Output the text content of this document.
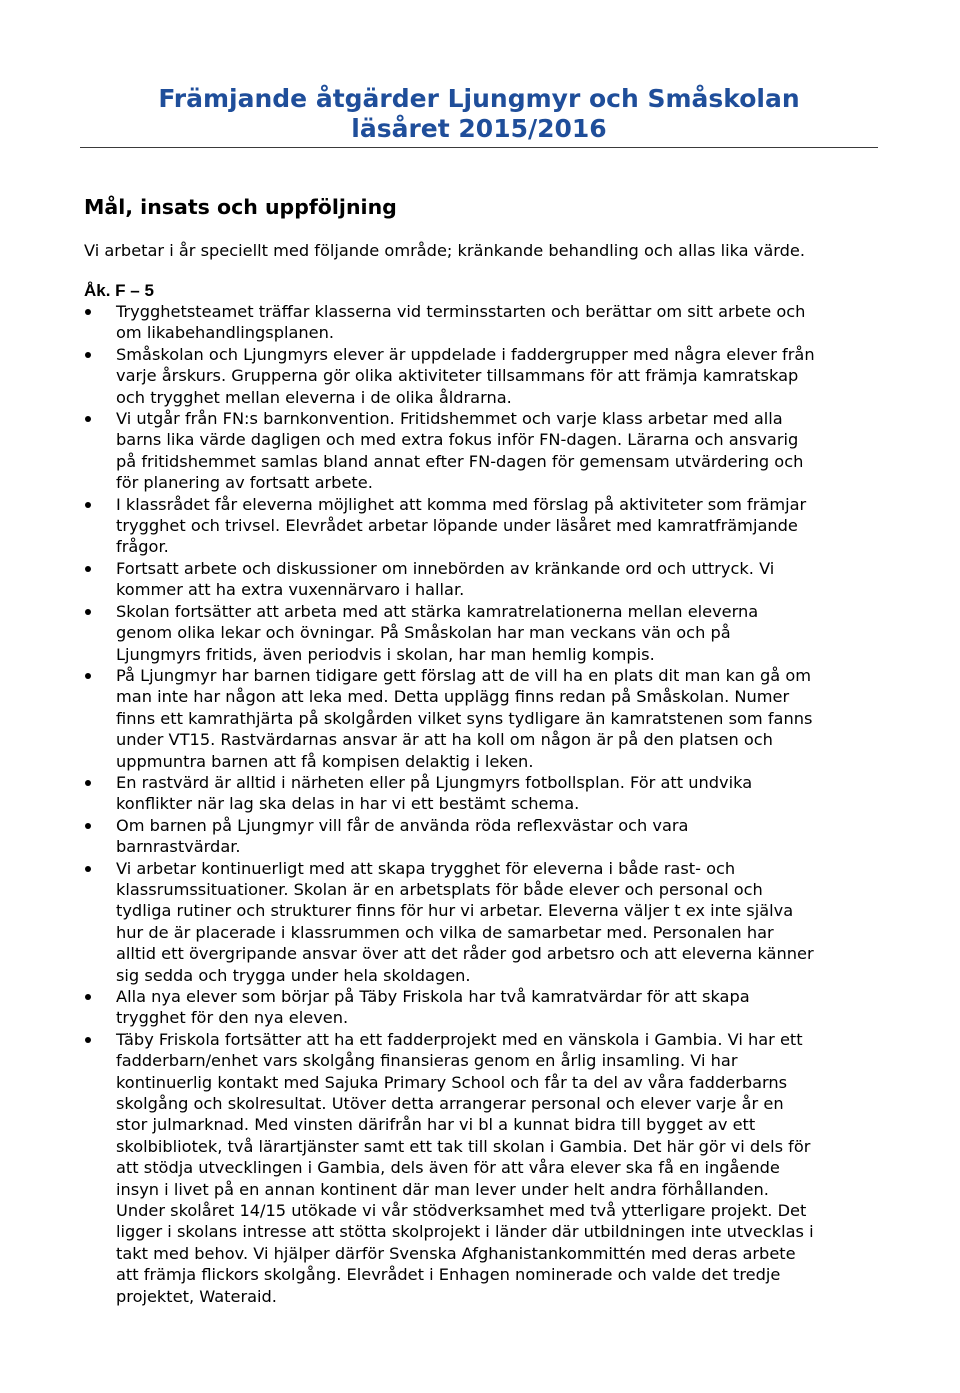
Främjande åtgärder Ljungmyr och Småskolan
läsåret 2015/2016
Mål, insats och uppföljning

Vi arbetar i år speciellt med följande område; kränkande behandling och allas lika värde.

Åk. F – 5

Trygghetsteamet träffar klasserna vid terminsstarten och berättar om sitt arbete och
om likabehandlingsplanen.
Småskolan och Ljungmyrs elever är uppdelade i faddergrupper med några elever från
varje årskurs. Grupperna gör olika aktiviteter tillsammans för att främja kamratskap
och trygghet mellan eleverna i de olika åldrarna.
Vi utgår från FN:s barnkonvention. Fritidshemmet och varje klass arbetar med alla
barns lika värde dagligen och med extra fokus inför FN-dagen. Lärarna och ansvarig
på fritidshemmet samlas bland annat efter FN-dagen för gemensam utvärdering och
för planering av fortsatt arbete.
I klassrådet får eleverna möjlighet att komma med förslag på aktiviteter som främjar
trygghet och trivsel. Elevrådet arbetar löpande under läsåret med kamratfrämjande
frågor.
Fortsatt arbete och diskussioner om innebörden av kränkande ord och uttryck. Vi
kommer att ha extra vuxennärvaro i hallar.
Skolan fortsätter att arbeta med att stärka kamratrelationerna mellan eleverna
genom olika lekar och övningar. På Småskolan har man veckans vän och på
Ljungmyrs fritids, även periodvis i skolan, har man hemlig kompis.
På Ljungmyr har barnen tidigare gett förslag att de vill ha en plats dit man kan gå om
man inte har någon att leka med. Detta upplägg finns redan på Småskolan. Numer
finns ett kamrathjärta på skolgården vilket syns tydligare än kamratstenen som fanns
under VT15. Rastvärdarnas ansvar är att ha koll om någon är på den platsen och
uppmuntra barnen att få kompisen delaktig i leken.
En rastvärd är alltid i närheten eller på Ljungmyrs fotbollsplan. För att undvika
konflikter när lag ska delas in har vi ett bestämt schema.
Om barnen på Ljungmyr vill får de använda röda reflexvästar och vara
barnrastvärdar.
Vi arbetar kontinuerligt med att skapa trygghet för eleverna i både rast- och
klassrumssituationer. Skolan är en arbetsplats för både elever och personal och
tydliga rutiner och strukturer finns för hur vi arbetar. Eleverna väljer t ex inte själva
hur de är placerade i klassrummen och vilka de samarbetar med. Personalen har
alltid ett övergripande ansvar över att det råder god arbetsro och att eleverna känner
sig sedda och trygga under hela skoldagen.
Alla nya elever som börjar på Täby Friskola har två kamratvärdar för att skapa
trygghet för den nya eleven.
Täby Friskola fortsätter att ha ett fadderprojekt med en vänskola i Gambia. Vi har ett
fadderbarn/enhet vars skolgång finansieras genom en årlig insamling. Vi har
kontinuerlig kontakt med Sajuka Primary School och får ta del av våra fadderbarns
skolgång och skolresultat. Utöver detta arrangerar personal och elever varje år en
stor julmarknad. Med vinsten därifrån har vi bl a kunnat bidra till bygget av ett
skolbibliotek, två lärartjänster samt ett tak till skolan i Gambia. Det här gör vi dels för
att stödja utvecklingen i Gambia, dels även för att våra elever ska få en ingående
insyn i livet på en annan kontinent där man lever under helt andra förhållanden.
Under skolåret 14/15 utökade vi vår stödverksamhet med två ytterligare projekt. Det
ligger i skolans intresse att stötta skolprojekt i länder där utbildningen inte utvecklas i
takt med behov. Vi hjälper därför Svenska Afghanistankommittén med deras arbete
att främja flickors skolgång. Elevrådet i Enhagen nominerade och valde det tredje
projektet, Wateraid.
